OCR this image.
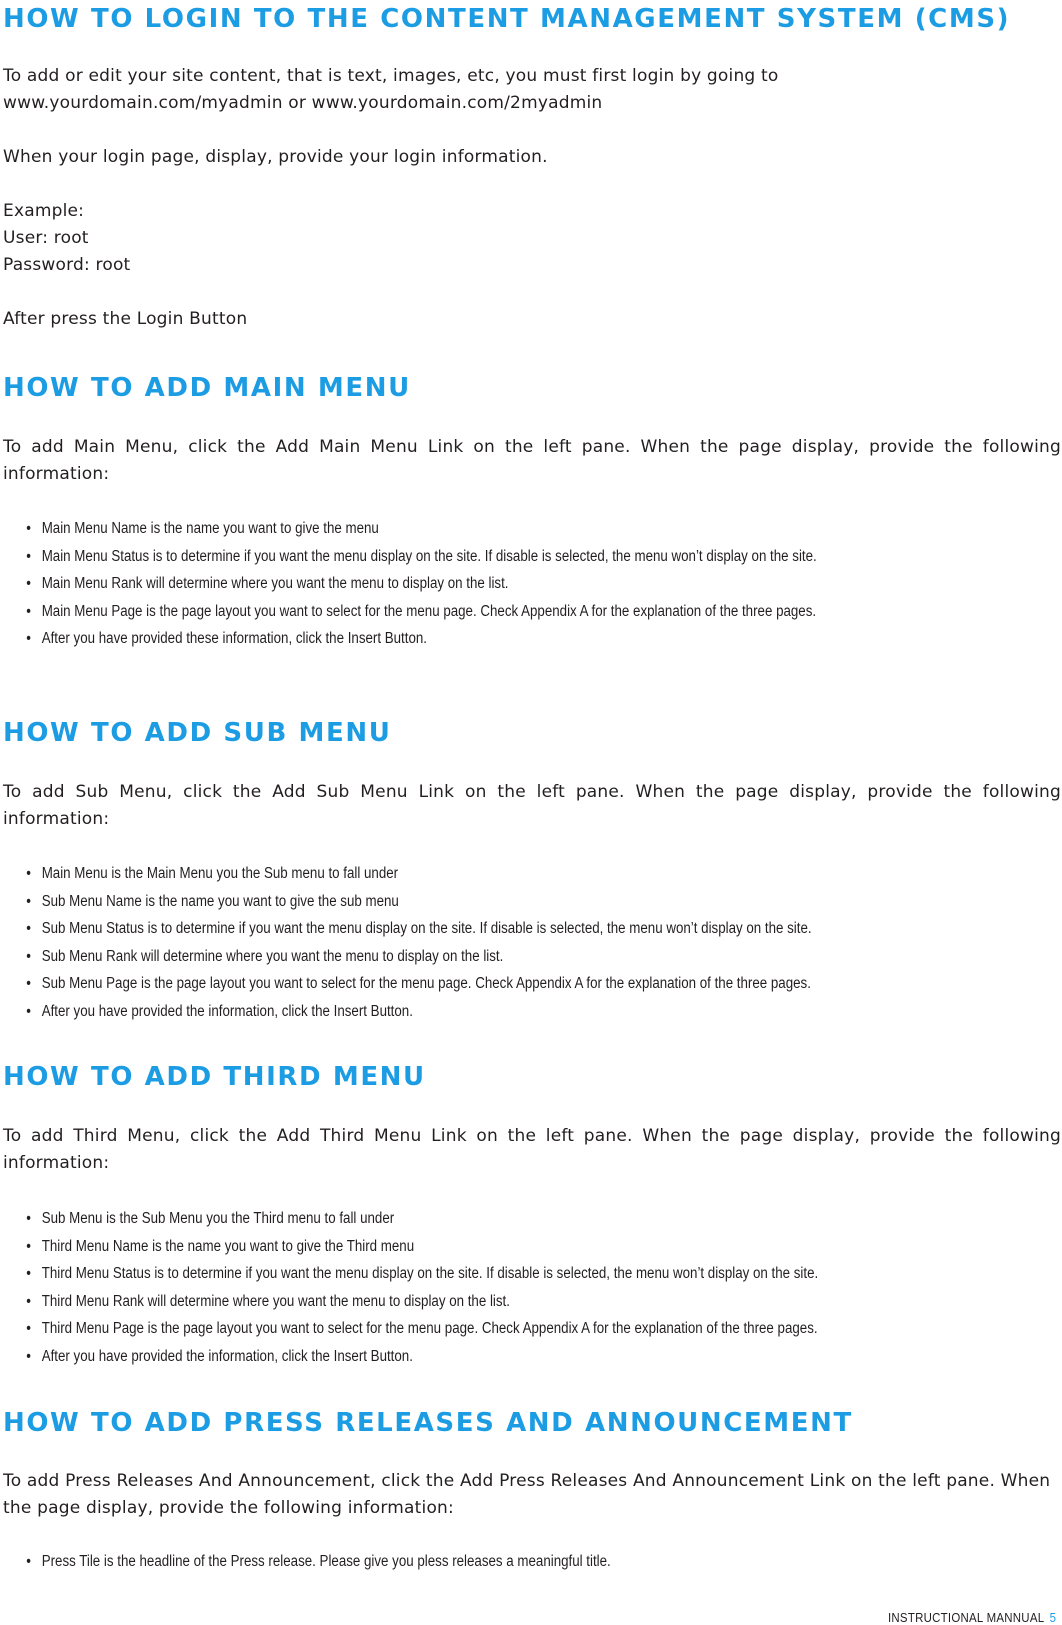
HOW TO LOGIN TO THE CONTENT MANAGEMENT SYSTEM (CMS)

To add or edit your site content, that is text, images, etc, you must first login by going to

www.yourdomain.com/myadmin or www.yourdomain.com/2myadmin

When your login page, display, provide your login information.

Example:

User: root

Password: root

After press the Login Button

HOW TO ADD MAIN MENU

To add Main Menu, click the Add Main Menu Link on the left pane. When the page display, provide the following information:

• Main Menu Name is the name you want to give the menu
• Main Menu Status is to determine if you want the menu display on the site. If disable is selected, the menu won’t display on the site.
• Main Menu Rank will determine where you want the menu to display on the list.
• Main Menu Page is the page layout you want to select for the menu page. Check Appendix A for the explanation of the three pages.
• After you have provided these information, click the Insert Button.
HOW TO ADD SUB MENU

To add Sub Menu, click the Add Sub Menu Link on the left pane. When the page display, provide the following information:

• Main Menu is the Main Menu you the Sub menu to fall under
• Sub Menu Name is the name you want to give the sub menu
• Sub Menu Status is to determine if you want the menu display on the site. If disable is selected, the menu won’t display on the site.
• Sub Menu Rank will determine where you want the menu to display on the list.
• Sub Menu Page is the page layout you want to select for the menu page. Check Appendix A for the explanation of the three pages.
• After you have provided the information, click the Insert Button.
HOW TO ADD THIRD MENU

To add Third Menu, click the Add Third Menu Link on the left pane. When the page display, provide the following information:

• Sub Menu is the Sub Menu you the Third menu to fall under
• Third Menu Name is the name you want to give the Third menu
• Third Menu Status is to determine if you want the menu display on the site. If disable is selected, the menu won’t display on the site.
• Third Menu Rank will determine where you want the menu to display on the list.
• Third Menu Page is the page layout you want to select for the menu page. Check Appendix A for the explanation of the three pages.
• After you have provided the information, click the Insert Button.
HOW TO ADD PRESS RELEASES AND ANNOUNCEMENT

To add Press Releases And Announcement, click the Add Press Releases And Announcement Link on the left pane. When the page display, provide the following information:

• Press Tile is the headline of the Press release. Please give you pless releases a meaningful title.
INSTRUCTIONAL MANNUAL 5
